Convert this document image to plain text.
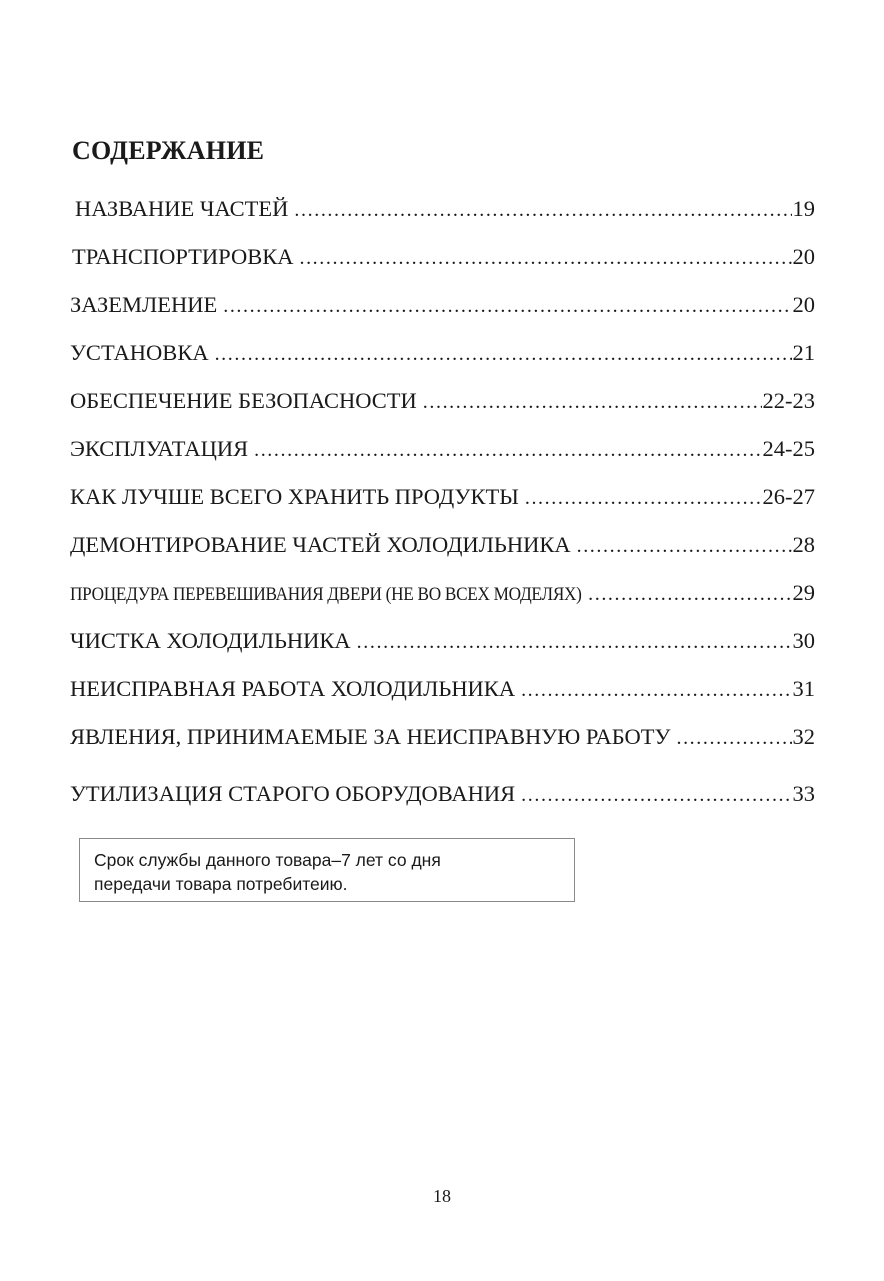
СОДЕРЖАНИЕ
НАЗВАНИЕ ЧАСТЕЙ .....	19
ТРАНСПОРТИРОВКА .....	20
ЗАЗЕМЛЕНИЕ .....	20
УСТАНОВКА .....	21
ОБЕСПЕЧЕНИЕ БЕЗОПАСНОСТИ .....	22-23
ЭКСПЛУАТАЦИЯ .....	24-25
КАК ЛУЧШЕ ВСЕГО ХРАНИТЬ ПРОДУКТЫ .....	26-27
ДЕМОНТИРОВАНИЕ ЧАСТЕЙ ХОЛОДИЛЬНИКА .....	28
ПРОЦЕДУРА ПЕРЕВЕШИВАНИЯ ДВЕРИ (НЕ ВО ВСЕХ МОДЕЛЯХ) .....	29
ЧИСТКА ХОЛОДИЛЬНИКА .....	30
НЕИСПРАВНАЯ РАБОТА ХОЛОДИЛЬНИКА .....	31
ЯВЛЕНИЯ, ПРИНИМАЕМЫЕ ЗА НЕИСПРАВНУЮ РАБОТУ .....	32
УТИЛИЗАЦИЯ СТАРОГО ОБОРУДОВАНИЯ .....	33
Срок службы данного товара–7 лет со дня
передачи товара потребитеию.
18
